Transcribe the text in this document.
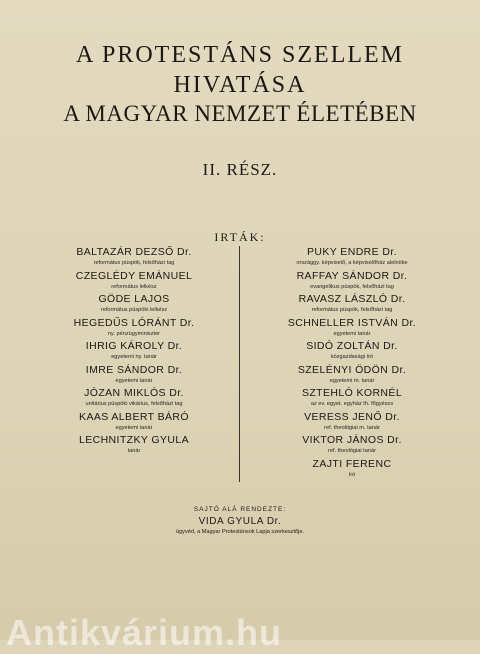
A PROTESTÁNS SZELLEM
HIVATÁSA
A MAGYAR NEMZET ÉLETÉBEN
II. RÉSZ.
IRTÁK:
BALTAZÁR DEZSŐ Dr.
református püspök, felsőházi tag
CZEGLÉDY EMÁNUEL
református lelkész
GÖDE LAJOS
református püspöki lelkész
HEGEDŰS LÓRÁNT Dr.
ny. pénzügyminiszter
IHRIG KÁROLY Dr.
egyetemi ny. tanár
IMRE SÁNDOR Dr.
egyetemi tanár
JÓZAN MIKLÓS Dr.
unitárius püspöki vikárius, felsőházi tag
KAAS ALBERT BÁRÓ
egyetemi tanár
LECHNITZKY GYULA
tanár
PUKY ENDRE Dr.
országgy. képviselő, a képviselőház alelnöke
RAFFAY SÁNDOR Dr.
evangelikus püspök, felsőházi tag
RAVASZ LÁSZLÓ Dr.
református püspök, felsőházi tag
SCHNELLER ISTVÁN Dr.
egyetemi tanár
SIDÓ ZOLTÁN Dr.
közgazdasági író
SZELÉNYI ÖDÖN Dr.
egyetemi m. tanár
SZTEHLÓ KORNÉL
az ev. egyet. egyház th. főgyészs
VERESS JENŐ Dr.
ref. theológiai m. tanár
VIKTOR JÁNOS Dr.
ref. theológiai tanár
ZAJTI FERENC
író
SAJTÓ ALÁ RENDEZTE:
VIDA GYULA Dr.
ügyvéd, a Magyar Protestánsok Lapja szerkesztője.
Antikvárium.hu
